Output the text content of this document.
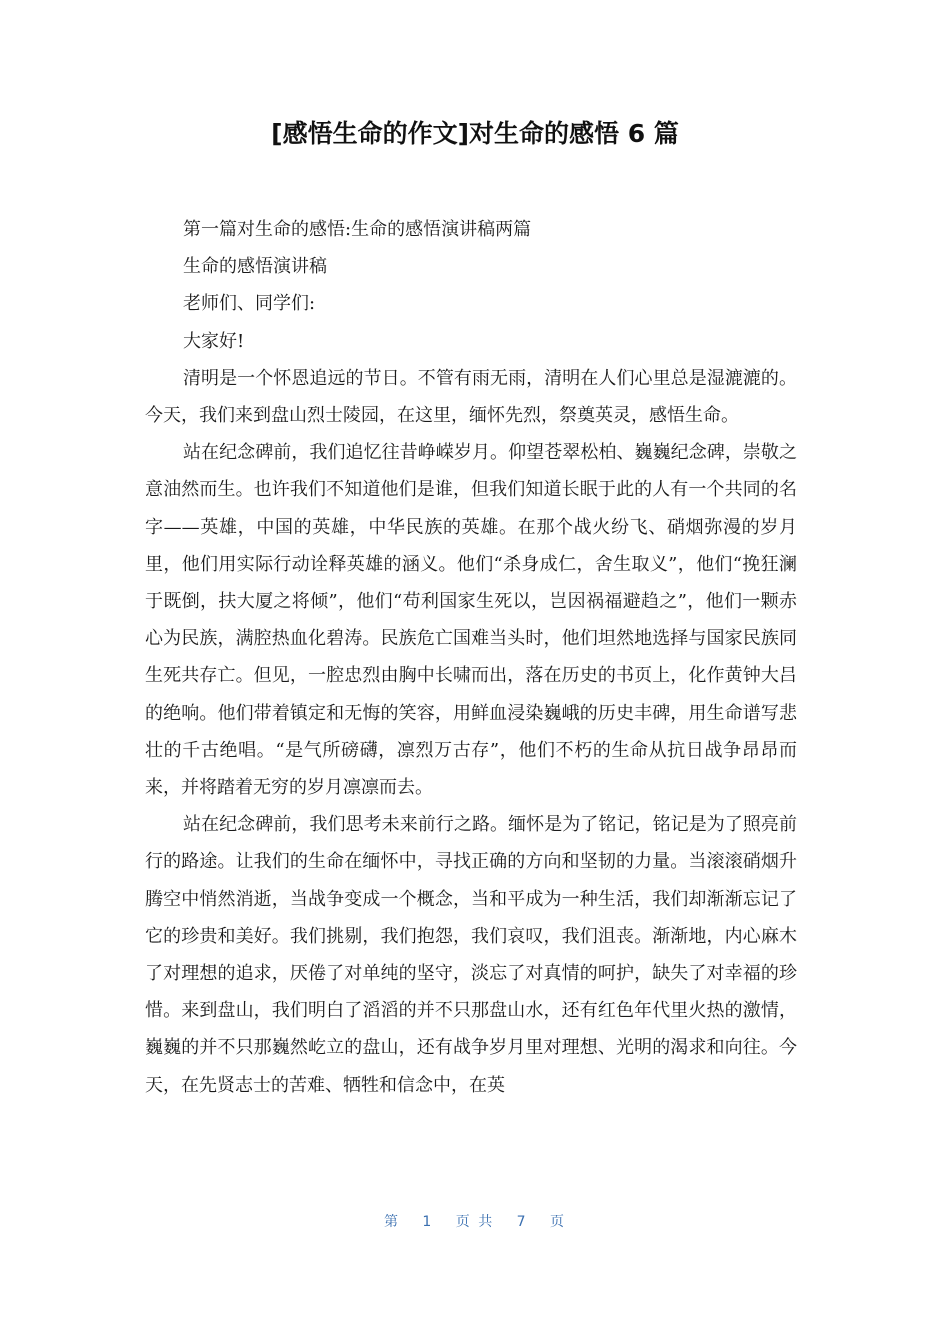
[感悟生命的作文]对生命的感悟 6 篇

第一篇对生命的感悟:生命的感悟演讲稿两篇

生命的感悟演讲稿

老师们、同学们:

大家好!

清明是一个怀恩追远的节日。不管有雨无雨，清明在人们心里总是湿漉漉的。今天，我们来到盘山烈士陵园，在这里，缅怀先烈，祭奠英灵，感悟生命。

站在纪念碑前，我们追忆往昔峥嵘岁月。仰望苍翠松柏、巍巍纪念碑，崇敬之意油然而生。也许我们不知道他们是谁，但我们知道长眠于此的人有一个共同的名字——英雄，中国的英雄，中华民族的英雄。在那个战火纷飞、硝烟弥漫的岁月里，他们用实际行动诠释英雄的涵义。他们“杀身成仁，舍生取义”，他们“挽狂澜于既倒，扶大厦之将倾”，他们“苟利国家生死以，岂因祸福避趋之”，他们一颗赤心为民族，满腔热血化碧涛。民族危亡国难当头时，他们坦然地选择与国家民族同生死共存亡。但见，一腔忠烈由胸中长啸而出，落在历史的书页上，化作黄钟大吕的绝响。他们带着镇定和无悔的笑容，用鲜血浸染巍峨的历史丰碑，用生命谱写悲壮的千古绝唱。“是气所磅礴，凛烈万古存”，他们不朽的生命从抗日战争昂昂而来，并将踏着无穷的岁月凛凛而去。

站在纪念碑前，我们思考未来前行之路。缅怀是为了铭记，铭记是为了照亮前行的路途。让我们的生命在缅怀中，寻找正确的方向和坚韧的力量。当滚滚硝烟升腾空中悄然消逝，当战争变成一个概念，当和平成为一种生活，我们却渐渐忘记了它的珍贵和美好。我们挑剔，我们抱怨，我们哀叹，我们沮丧。渐渐地，内心麻木了对理想的追求，厌倦了对单纯的坚守，淡忘了对真情的呵护，缺失了对幸福的珍惜。来到盘山，我们明白了滔滔的并不只那盘山水，还有红色年代里火热的激情，巍巍的并不只那巍然屹立的盘山，还有战争岁月里对理想、光明的渴求和向往。今天，在先贤志士的苦难、牺牲和信念中，在英

第 1 页 共 7 页
